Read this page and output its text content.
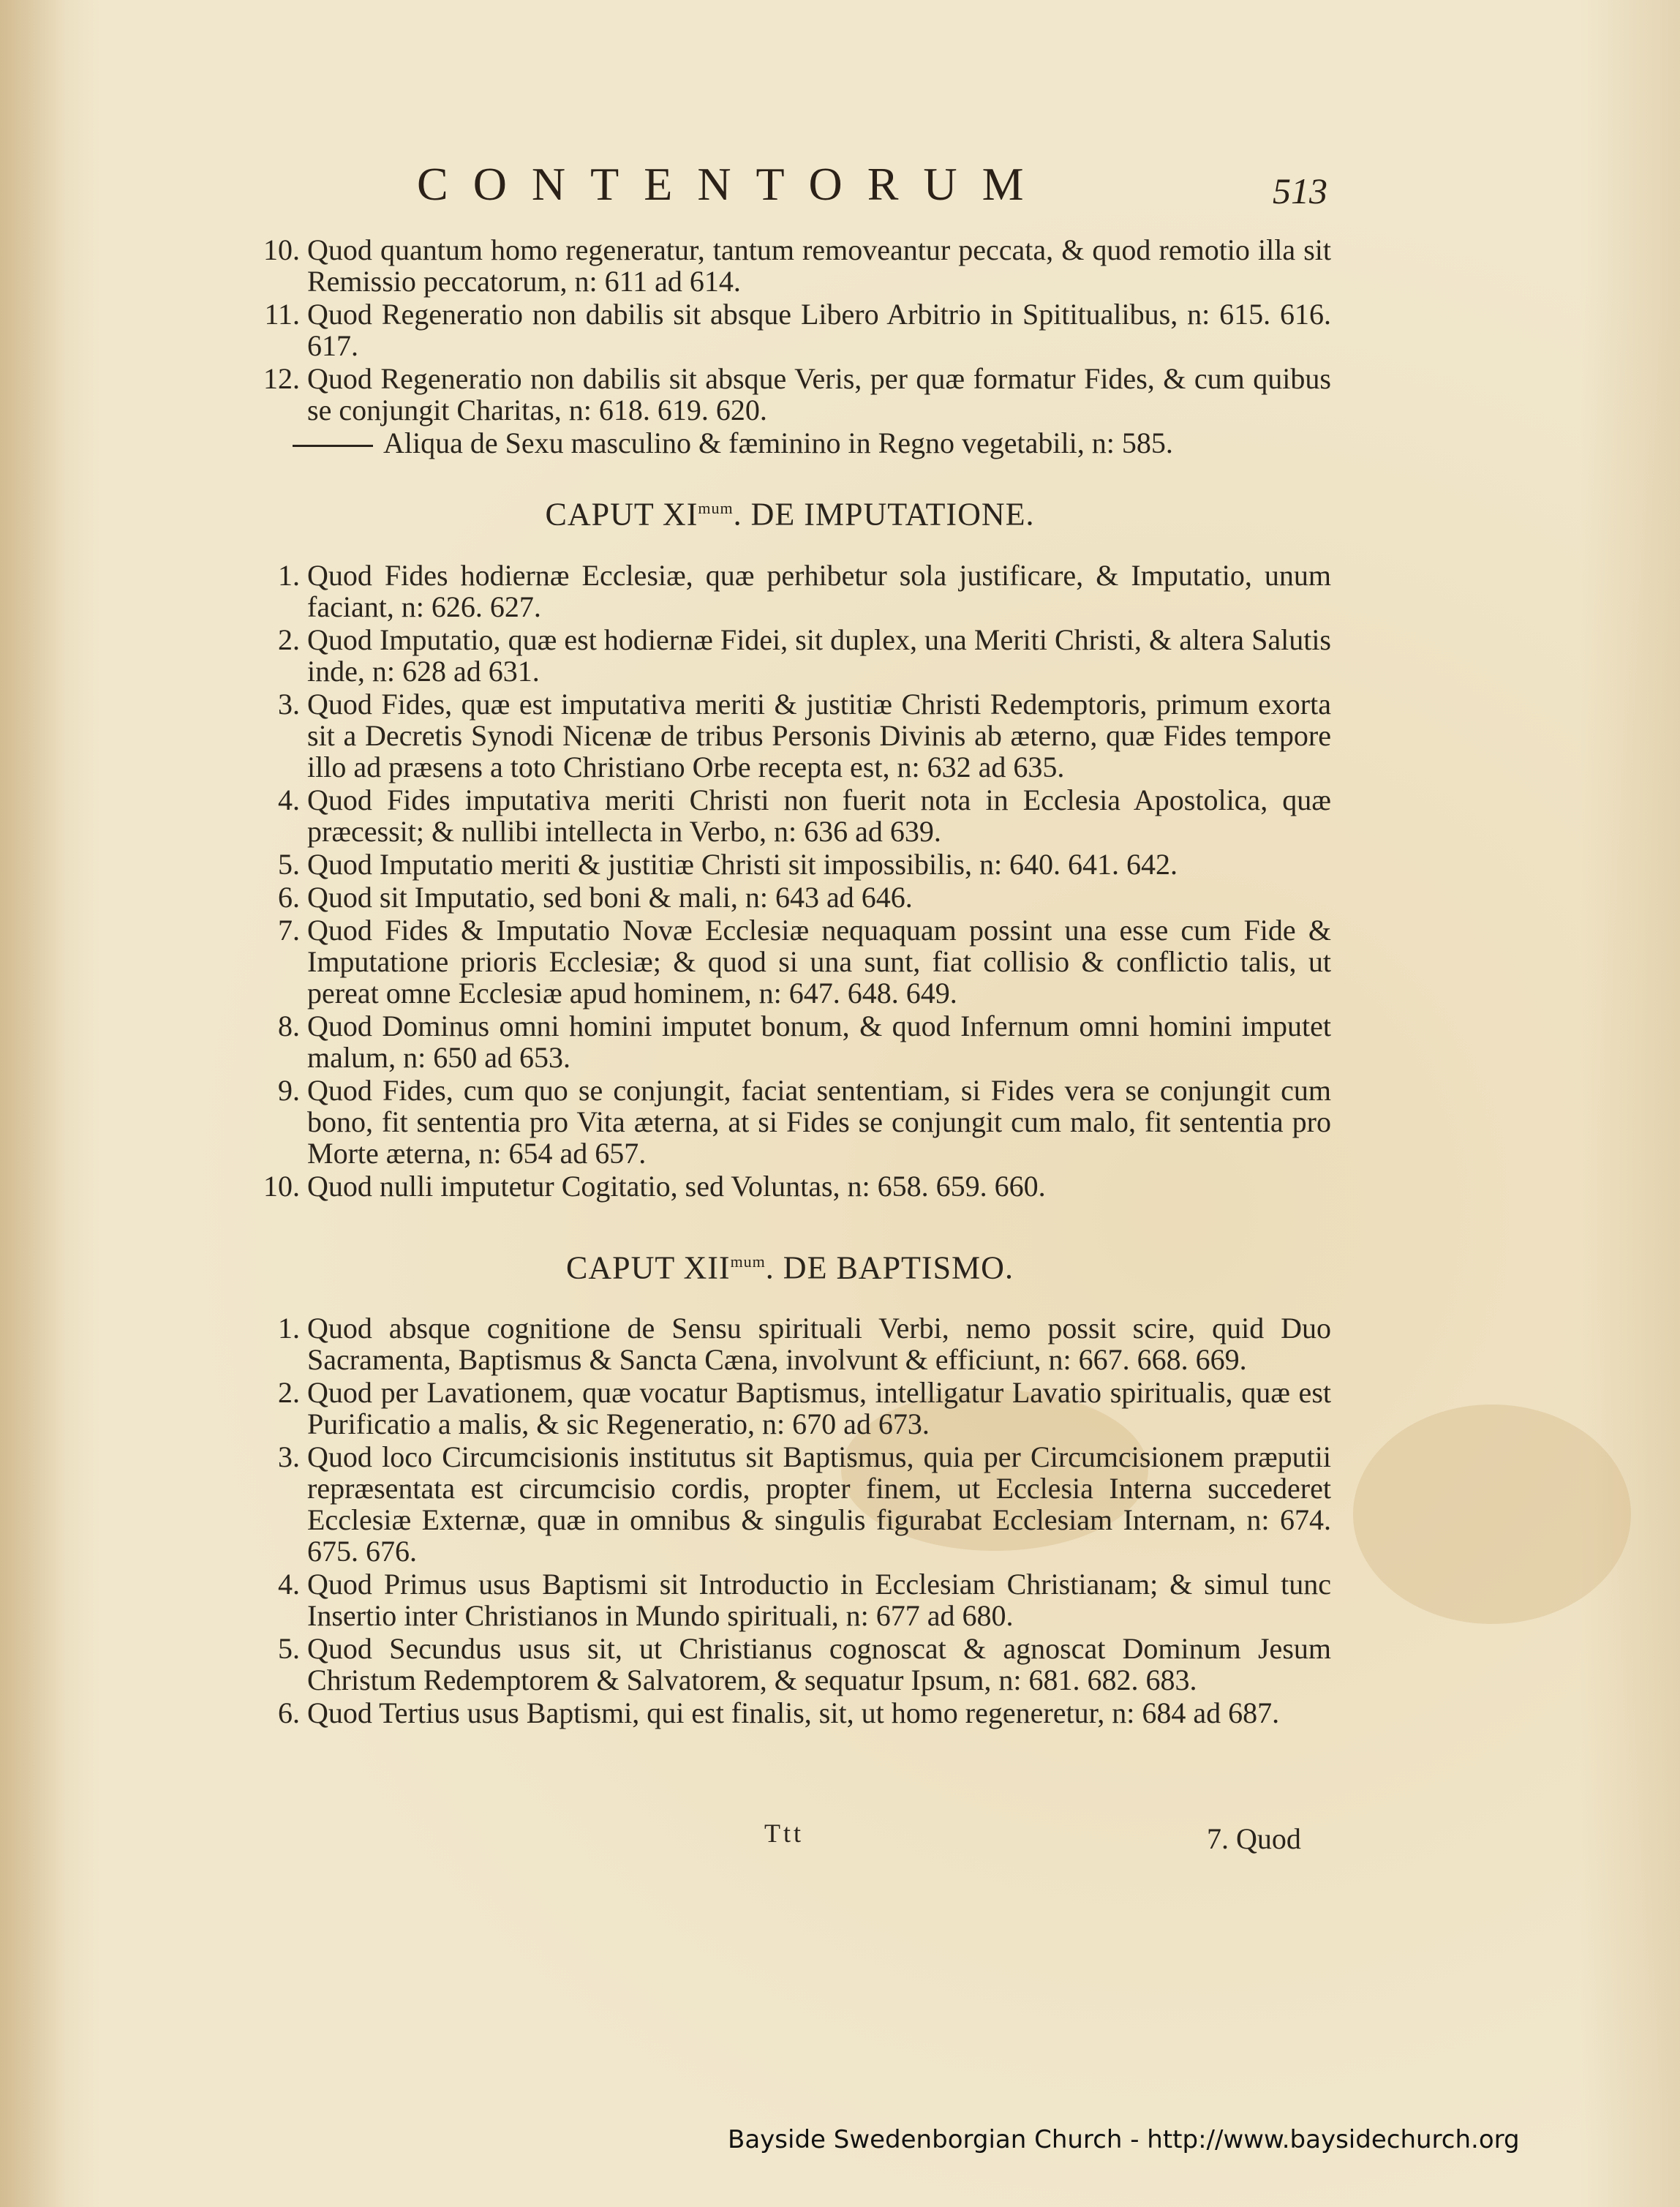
CONTENTORUM	513
10. Quod quantum homo regeneratur, tantum removeantur peccata, & quod remotio illa sit Remissio peccatorum, n: 611 ad 614.
11. Quod Regeneratio non dabilis sit absque Libero Arbitrio in Spititualibus, n: 615. 616. 617.
12. Quod Regeneratio non dabilis sit absque Veris, per quæ formatur Fides, & cum quibus se conjungit Charitas, n: 618. 619. 620.
Aliqua de Sexu masculino & fæminino in Regno vegetabili, n: 585.
CAPUT $XI^{mum}$. DE IMPUTATIONE.
1. Quod Fides hodiernæ Ecclesiæ, quæ perhibetur sola justificare, & Imputatio, unum faciant, n: 626. 627.
2. Quod Imputatio, quæ est hodiernæ Fidei, sit duplex, una Meriti Christi, & altera Salutis inde, n: 628 ad 631.
3. Quod Fides, quæ est imputativa meriti & justitiæ Christi Redemptoris, primum exorta sit a Decretis Synodi Nicenæ de tribus Personis Divinis ab æterno, quæ Fides tempore illo ad præsens a toto Christiano Orbe recepta est, n: 632 ad 635.
4. Quod Fides imputativa meriti Christi non fuerit nota in Ecclesia Apostolica, quæ præcessit; & nullibi intellecta in Verbo, n: 636 ad 639.
5. Quod Imputatio meriti & justitiæ Christi sit impossibilis, n: 640. 641. 642.
6. Quod sit Imputatio, sed boni & mali, n: 643 ad 646.
7. Quod Fides & Imputatio Novæ Ecclesiæ nequaquam possint una esse cum Fide & Imputatione prioris Ecclesiæ; & quod si una sunt, fiat collisio & conflictio talis, ut pereat omne Ecclesiæ apud hominem, n: 647. 648. 649.
8. Quod Dominus omni homini imputet bonum, & quod Infernum omni homini imputet malum, n: 650 ad 653.
9. Quod Fides, cum quo se conjungit, faciat sententiam, si Fides vera se conjungit cum bono, fit sententia pro Vita æterna, at si Fides se conjungit cum malo, fit sententia pro Morte æterna, n: 654 ad 657.
10. Quod nulli imputetur Cogitatio, sed Voluntas, n: 658. 659. 660.
CAPUT $XII^{mum}$. DE BAPTISMO.
1. Quod absque cognitione de Sensu spirituali Verbi, nemo possit scire, quid Duo Sacramenta, Baptismus & Sancta Cæna, involvunt & efficiunt, n: 667. 668. 669.
2. Quod per Lavationem, quæ vocatur Baptismus, intelligatur Lavatio spiritualis, quæ est Purificatio a malis, & sic Regeneratio, n: 670 ad 673.
3. Quod loco Circumcisionis institutus sit Baptismus, quia per Circumcisionem præputii repræsentata est circumcisio cordis, propter finem, ut Ecclesia Interna succederet Ecclesiæ Externæ, quæ in omnibus & singulis figurabat Ecclesiam Internam, n: 674. 675. 676.
4. Quod Primus usus Baptismi sit Introductio in Ecclesiam Christianam; & simul tunc Insertio inter Christianos in Mundo spirituali, n: 677 ad 680.
5. Quod Secundus usus sit, ut Christianus cognoscat & agnoscat Dominum Jesum Christum Redemptorem & Salvatorem, & sequatur Ipsum, n: 681. 682. 683.
6. Quod Tertius usus Baptismi, qui est finalis, sit, ut homo regeneretur, n: 684 ad 687.
Ttt	7. Quod
Bayside Swedenborgian Church - http://www.baysidechurch.org
